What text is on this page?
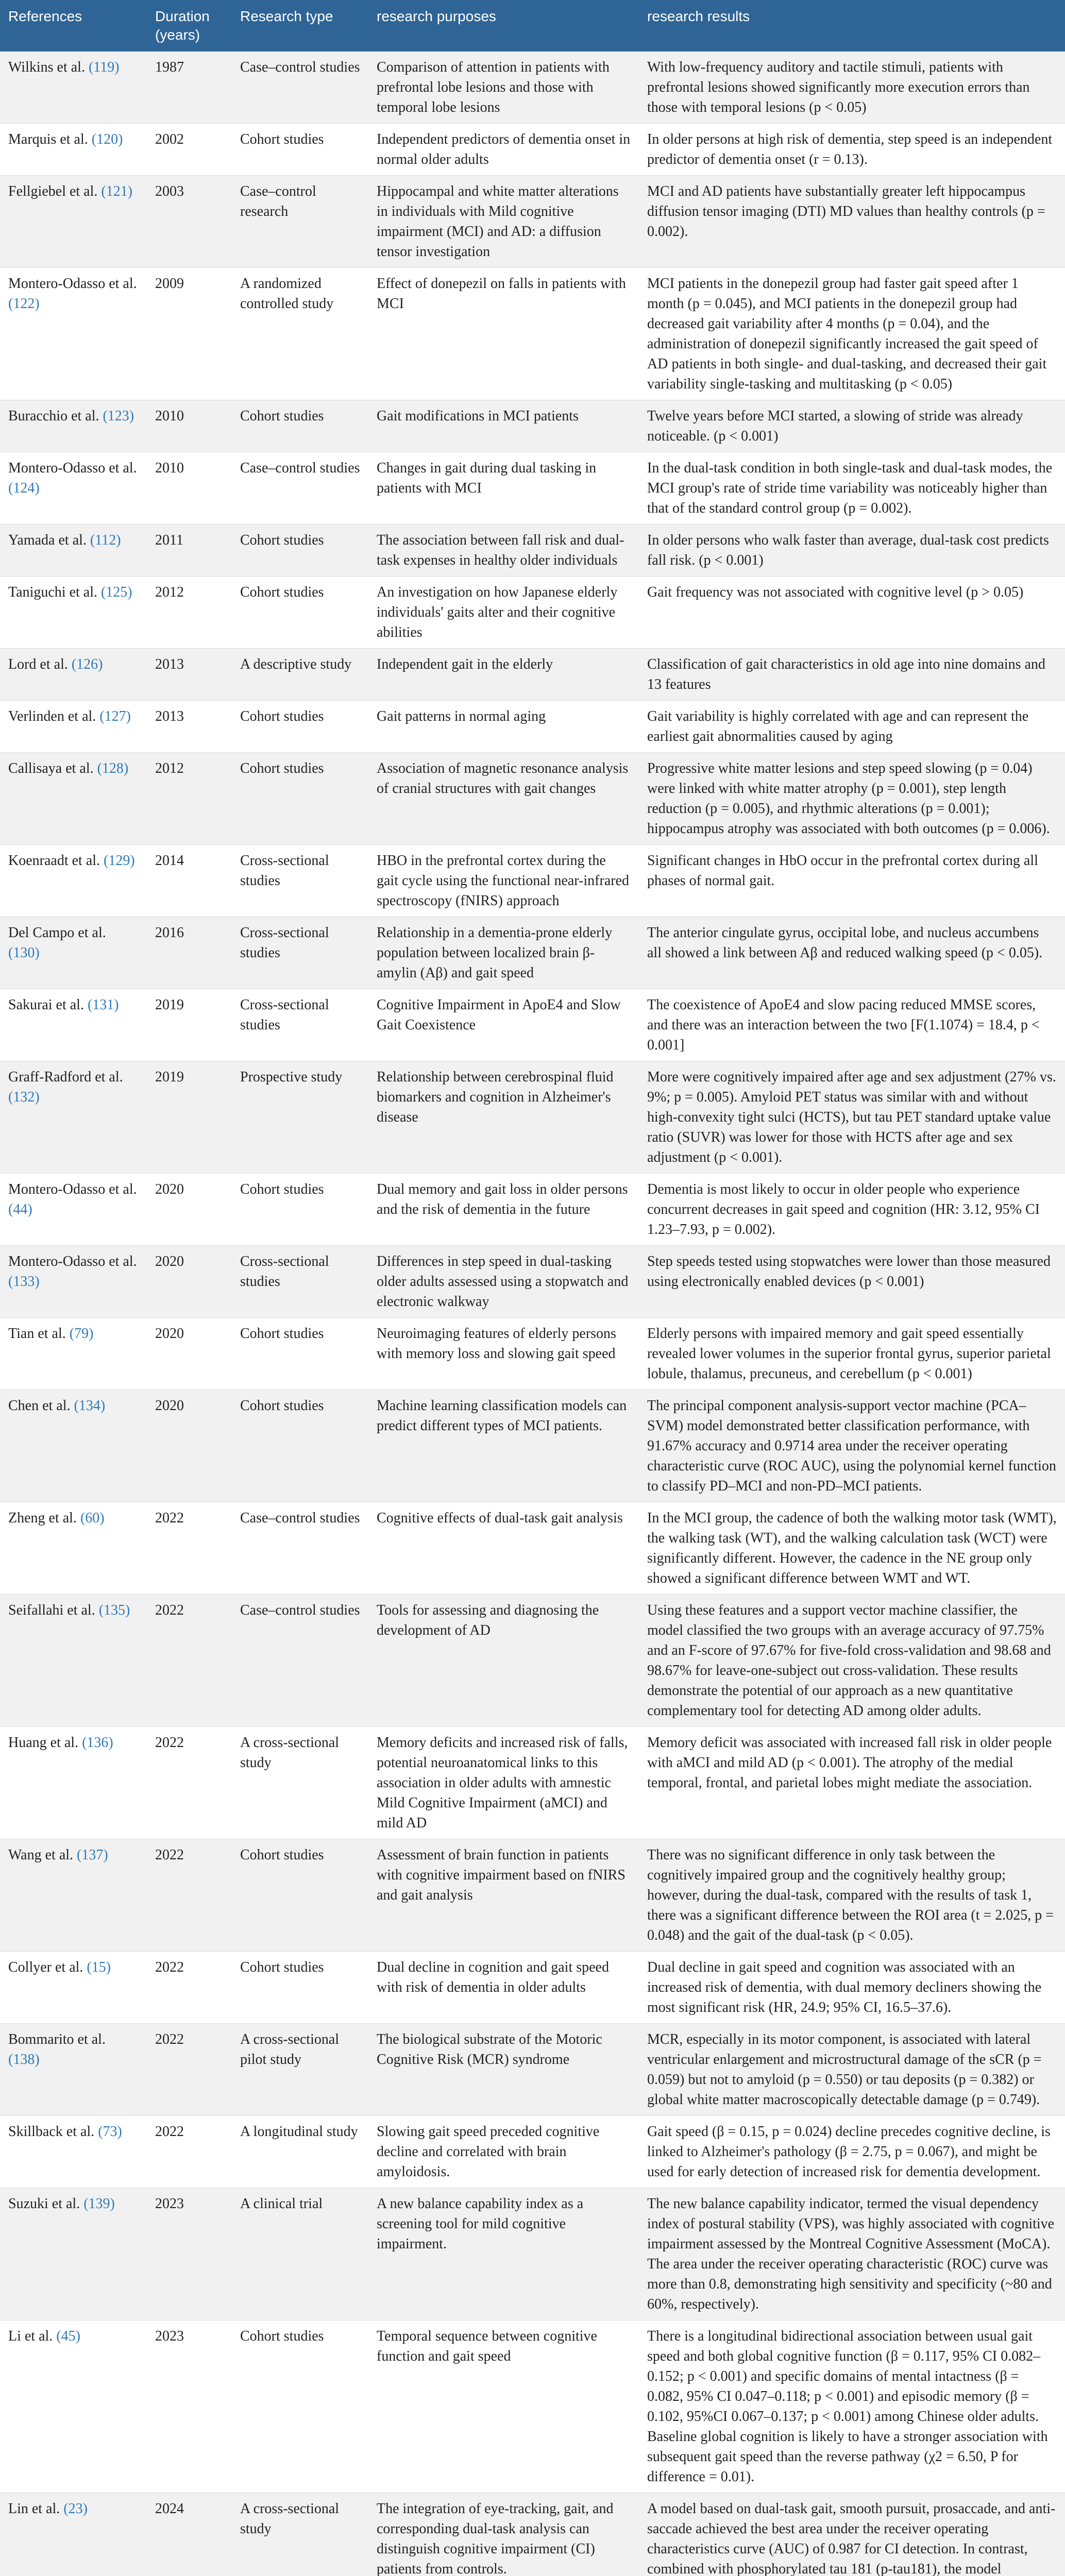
References	Duration (years)	Research type	research purposes	research results
Wilkins et al. (119)	1987	Case–control studies	Comparison of attention in patients with prefrontal lobe lesions and those with temporal lobe lesions	With low-frequency auditory and tactile stimuli, patients with prefrontal lesions showed significantly more execution errors than those with temporal lesions (p < 0.05)
Marquis et al. (120)	2002	Cohort studies	Independent predictors of dementia onset in normal older adults	In older persons at high risk of dementia, step speed is an independent predictor of dementia onset (r = 0.13).
Fellgiebel et al. (121)	2003	Case–control research	Hippocampal and white matter alterations in individuals with Mild cognitive impairment (MCI) and AD: a diffusion tensor investigation	MCI and AD patients have substantially greater left hippocampus diffusion tensor imaging (DTI) MD values than healthy controls (p = 0.002).
Montero-Odasso et al. (122)	2009	A randomized controlled study	Effect of donepezil on falls in patients with MCI	MCI patients in the donepezil group had faster gait speed after 1 month (p = 0.045), and MCI patients in the donepezil group had decreased gait variability after 4 months (p = 0.04), and the administration of donepezil significantly increased the gait speed of AD patients in both single- and dual-tasking, and decreased their gait variability single-tasking and multitasking (p < 0.05)
Buracchio et al. (123)	2010	Cohort studies	Gait modifications in MCI patients	Twelve years before MCI started, a slowing of stride was already noticeable. (p < 0.001)
Montero-Odasso et al. (124)	2010	Case–control studies	Changes in gait during dual tasking in patients with MCI	In the dual-task condition in both single-task and dual-task modes, the MCI group's rate of stride time variability was noticeably higher than that of the standard control group (p = 0.002).
Yamada et al. (112)	2011	Cohort studies	The association between fall risk and dual-task expenses in healthy older individuals	In older persons who walk faster than average, dual-task cost predicts fall risk. (p < 0.001)
Taniguchi et al. (125)	2012	Cohort studies	An investigation on how Japanese elderly individuals' gaits alter and their cognitive abilities	Gait frequency was not associated with cognitive level (p > 0.05)
Lord et al. (126)	2013	A descriptive study	Independent gait in the elderly	Classification of gait characteristics in old age into nine domains and 13 features
Verlinden et al. (127)	2013	Cohort studies	Gait patterns in normal aging	Gait variability is highly correlated with age and can represent the earliest gait abnormalities caused by aging
Callisaya et al. (128)	2012	Cohort studies	Association of magnetic resonance analysis of cranial structures with gait changes	Progressive white matter lesions and step speed slowing (p = 0.04) were linked with white matter atrophy (p = 0.001), step length reduction (p = 0.005), and rhythmic alterations (p = 0.001); hippocampus atrophy was associated with both outcomes (p = 0.006).
Koenraadt et al. (129)	2014	Cross-sectional studies	HBO in the prefrontal cortex during the gait cycle using the functional near-infrared spectroscopy (fNIRS) approach	Significant changes in HbO occur in the prefrontal cortex during all phases of normal gait.
Del Campo et al. (130)	2016	Cross-sectional studies	Relationship in a dementia-prone elderly population between localized brain β-amylin (Aβ) and gait speed	The anterior cingulate gyrus, occipital lobe, and nucleus accumbens all showed a link between Aβ and reduced walking speed (p < 0.05).
Sakurai et al. (131)	2019	Cross-sectional studies	Cognitive Impairment in ApoE4 and Slow Gait Coexistence	The coexistence of ApoE4 and slow pacing reduced MMSE scores, and there was an interaction between the two [F(1.1074) = 18.4, p < 0.001]
Graff-Radford et al. (132)	2019	Prospective study	Relationship between cerebrospinal fluid biomarkers and cognition in Alzheimer's disease	More were cognitively impaired after age and sex adjustment (27% vs. 9%; p = 0.005). Amyloid PET status was similar with and without high-convexity tight sulci (HCTS), but tau PET standard uptake value ratio (SUVR) was lower for those with HCTS after age and sex adjustment (p < 0.001).
Montero-Odasso et al. (44)	2020	Cohort studies	Dual memory and gait loss in older persons and the risk of dementia in the future	Dementia is most likely to occur in older people who experience concurrent decreases in gait speed and cognition (HR: 3.12, 95% CI 1.23–7.93, p = 0.002).
Montero-Odasso et al. (133)	2020	Cross-sectional studies	Differences in step speed in dual-tasking older adults assessed using a stopwatch and electronic walkway	Step speeds tested using stopwatches were lower than those measured using electronically enabled devices (p < 0.001)
Tian et al. (79)	2020	Cohort studies	Neuroimaging features of elderly persons with memory loss and slowing gait speed	Elderly persons with impaired memory and gait speed essentially revealed lower volumes in the superior frontal gyrus, superior parietal lobule, thalamus, precuneus, and cerebellum (p < 0.001)
Chen et al. (134)	2020	Cohort studies	Machine learning classification models can predict different types of MCI patients.	The principal component analysis-support vector machine (PCA–SVM) model demonstrated better classification performance, with 91.67% accuracy and 0.9714 area under the receiver operating characteristic curve (ROC AUC), using the polynomial kernel function to classify PD–MCI and non-PD–MCI patients.
Zheng et al. (60)	2022	Case–control studies	Cognitive effects of dual-task gait analysis	In the MCI group, the cadence of both the walking motor task (WMT), the walking task (WT), and the walking calculation task (WCT) were significantly different. However, the cadence in the NE group only showed a significant difference between WMT and WT.
Seifallahi et al. (135)	2022	Case–control studies	Tools for assessing and diagnosing the development of AD	Using these features and a support vector machine classifier, the model classified the two groups with an average accuracy of 97.75% and an F-score of 97.67% for five-fold cross-validation and 98.68 and 98.67% for leave-one-subject out cross-validation. These results demonstrate the potential of our approach as a new quantitative complementary tool for detecting AD among older adults.
Huang et al. (136)	2022	A cross-sectional study	Memory deficits and increased risk of falls, potential neuroanatomical links to this association in older adults with amnestic Mild Cognitive Impairment (aMCI) and mild AD	Memory deficit was associated with increased fall risk in older people with aMCI and mild AD (p < 0.001). The atrophy of the medial temporal, frontal, and parietal lobes might mediate the association.
Wang et al. (137)	2022	Cohort studies	Assessment of brain function in patients with cognitive impairment based on fNIRS and gait analysis	There was no significant difference in only task between the cognitively impaired group and the cognitively healthy group; however, during the dual-task, compared with the results of task 1, there was a significant difference between the ROI area (t = 2.025, p = 0.048) and the gait of the dual-task (p < 0.05).
Collyer et al. (15)	2022	Cohort studies	Dual decline in cognition and gait speed with risk of dementia in older adults	Dual decline in gait speed and cognition was associated with an increased risk of dementia, with dual memory decliners showing the most significant risk (HR, 24.9; 95% CI, 16.5–37.6).
Bommarito et al. (138)	2022	A cross-sectional pilot study	The biological substrate of the Motoric Cognitive Risk (MCR) syndrome	MCR, especially in its motor component, is associated with lateral ventricular enlargement and microstructural damage of the sCR (p = 0.059) but not to amyloid (p = 0.550) or tau deposits (p = 0.382) or global white matter macroscopically detectable damage (p = 0.749).
Skillback et al. (73)	2022	A longitudinal study	Slowing gait speed preceded cognitive decline and correlated with brain amyloidosis.	Gait speed (β = 0.15, p = 0.024) decline precedes cognitive decline, is linked to Alzheimer's pathology (β = 2.75, p = 0.067), and might be used for early detection of increased risk for dementia development.
Suzuki et al. (139)	2023	A clinical trial	A new balance capability index as a screening tool for mild cognitive impairment.	The new balance capability indicator, termed the visual dependency index of postural stability (VPS), was highly associated with cognitive impairment assessed by the Montreal Cognitive Assessment (MoCA). The area under the receiver operating characteristic (ROC) curve was more than 0.8, demonstrating high sensitivity and specificity (~80 and 60%, respectively).
Li et al. (45)	2023	Cohort studies	Temporal sequence between cognitive function and gait speed	There is a longitudinal bidirectional association between usual gait speed and both global cognitive function (β = 0.117, 95% CI 0.082–0.152; p < 0.001) and specific domains of mental intactness (β = 0.082, 95% CI 0.047–0.118; p < 0.001) and episodic memory (β = 0.102, 95%CI 0.067–0.137; p < 0.001) among Chinese older adults. Baseline global cognition is likely to have a stronger association with subsequent gait speed than the reverse pathway (χ2 = 6.50, P for difference = 0.01).
Lin et al. (23)	2024	A cross-sectional study	The integration of eye-tracking, gait, and corresponding dual-task analysis can distinguish cognitive impairment (CI) patients from controls.	A model based on dual-task gait, smooth pursuit, prosaccade, and anti-saccade achieved the best area under the receiver operating characteristics curve (AUC) of 0.987 for CI detection. In contrast, combined with phosphorylated tau 181 (p-tau181), the model
